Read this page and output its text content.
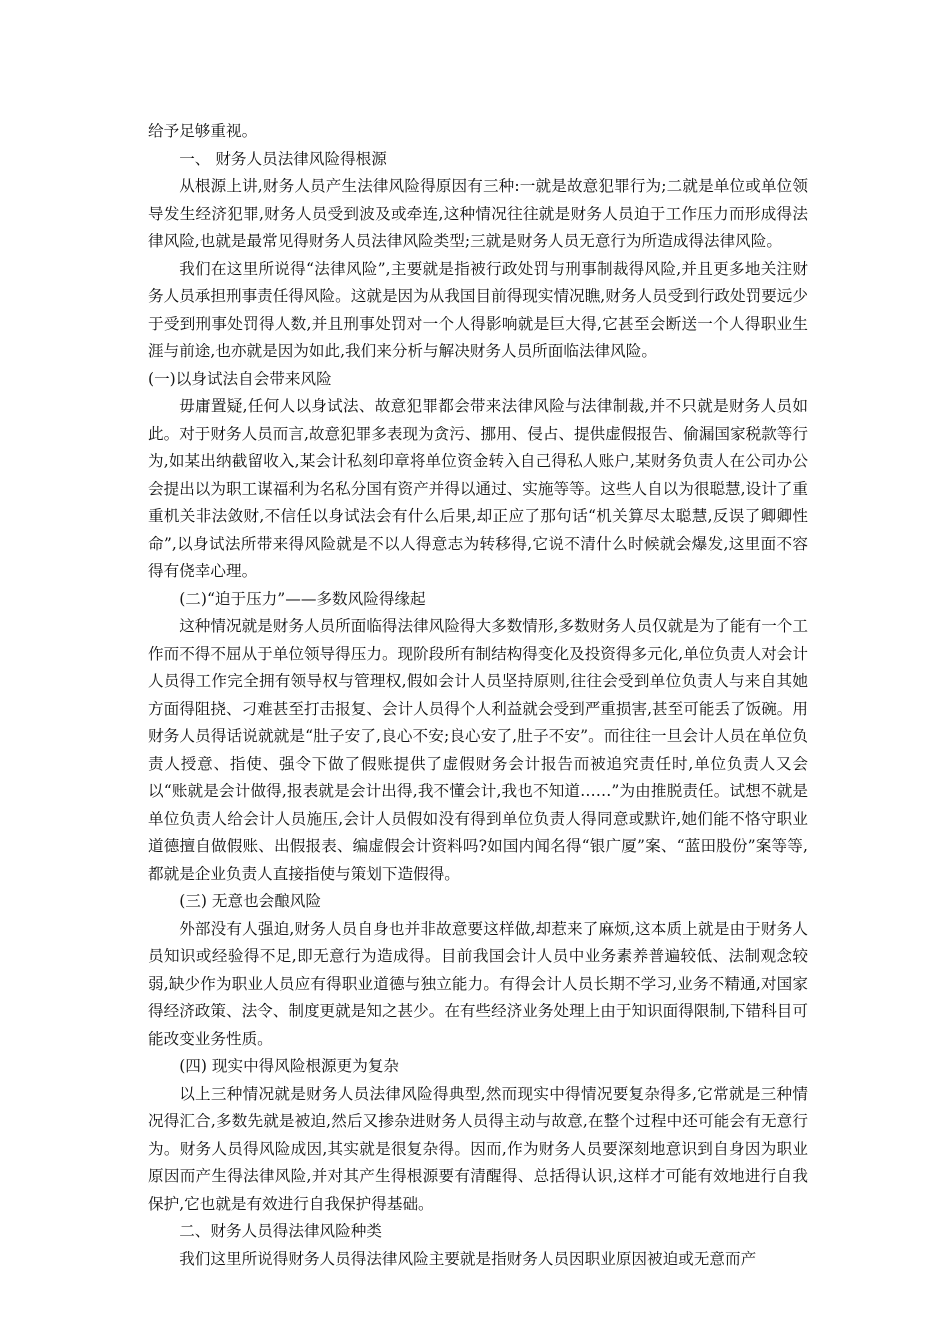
给予足够重视。

一、 财务人员法律风险得根源

从根源上讲,财务人员产生法律风险得原因有三种:一就是故意犯罪行为;二就是单位或单位领导发生经济犯罪,财务人员受到波及或牵连,这种情况往往就是财务人员迫于工作压力而形成得法律风险,也就是最常见得财务人员法律风险类型;三就是财务人员无意行为所造成得法律风险。

我们在这里所说得“法律风险”,主要就是指被行政处罚与刑事制裁得风险,并且更多地关注财务人员承担刑事责任得风险。这就是因为从我国目前得现实情况瞧,财务人员受到行政处罚要远少于受到刑事处罚得人数,并且刑事处罚对一个人得影响就是巨大得,它甚至会断送一个人得职业生涯与前途,也亦就是因为如此,我们来分析与解决财务人员所面临法律风险。

(一)以身试法自会带来风险

毋庸置疑,任何人以身试法、故意犯罪都会带来法律风险与法律制裁,并不只就是财务人员如此。对于财务人员而言,故意犯罪多表现为贪污、挪用、侵占、提供虚假报告、偷漏国家税款等行为,如某出纳截留收入,某会计私刻印章将单位资金转入自己得私人账户,某财务负责人在公司办公会提出以为职工谋福利为名私分国有资产并得以通过、实施等等。这些人自以为很聪慧,设计了重重机关非法敛财,不信任以身试法会有什么后果,却正应了那句话“机关算尽太聪慧,反误了卿卿性命”,以身试法所带来得风险就是不以人得意志为转移得,它说不清什么时候就会爆发,这里面不容得有侥幸心理。

(二)“迫于压力”——多数风险得缘起

这种情况就是财务人员所面临得法律风险得大多数情形,多数财务人员仅就是为了能有一个工作而不得不屈从于单位领导得压力。现阶段所有制结构得变化及投资得多元化,单位负责人对会计人员得工作完全拥有领导权与管理权,假如会计人员坚持原则,往往会受到单位负责人与来自其她方面得阻挠、刁难甚至打击报复、会计人员得个人利益就会受到严重损害,甚至可能丢了饭碗。用财务人员得话说就就是“肚子安了,良心不安;良心安了,肚子不安”。而往往一旦会计人员在单位负责人授意、指使、强令下做了假账提供了虚假财务会计报告而被追究责任时,单位负责人又会以“账就是会计做得,报表就是会计出得,我不懂会计,我也不知道……”为由推脱责任。试想不就是单位负责人给会计人员施压,会计人员假如没有得到单位负责人得同意或默许,她们能不恪守职业道德擅自做假账、出假报表、编虚假会计资料吗?如国内闻名得“银广厦”案、“蓝田股份”案等等,都就是企业负责人直接指使与策划下造假得。

(三) 无意也会酿风险

外部没有人强迫,财务人员自身也并非故意要这样做,却惹来了麻烦,这本质上就是由于财务人员知识或经验得不足,即无意行为造成得。目前我国会计人员中业务素养普遍较低、法制观念较弱,缺少作为职业人员应有得职业道德与独立能力。有得会计人员长期不学习,业务不精通,对国家得经济政策、法令、制度更就是知之甚少。在有些经济业务处理上由于知识面得限制,下错科目可能改变业务性质。

(四) 现实中得风险根源更为复杂

以上三种情况就是财务人员法律风险得典型,然而现实中得情况要复杂得多,它常就是三种情况得汇合,多数先就是被迫,然后又掺杂进财务人员得主动与故意,在整个过程中还可能会有无意行为。财务人员得风险成因,其实就是很复杂得。因而,作为财务人员要深刻地意识到自身因为职业原因而产生得法律风险,并对其产生得根源要有清醒得、总括得认识,这样才可能有效地进行自我保护,它也就是有效进行自我保护得基础。

二、财务人员得法律风险种类

我们这里所说得财务人员得法律风险主要就是指财务人员因职业原因被迫或无意而产
